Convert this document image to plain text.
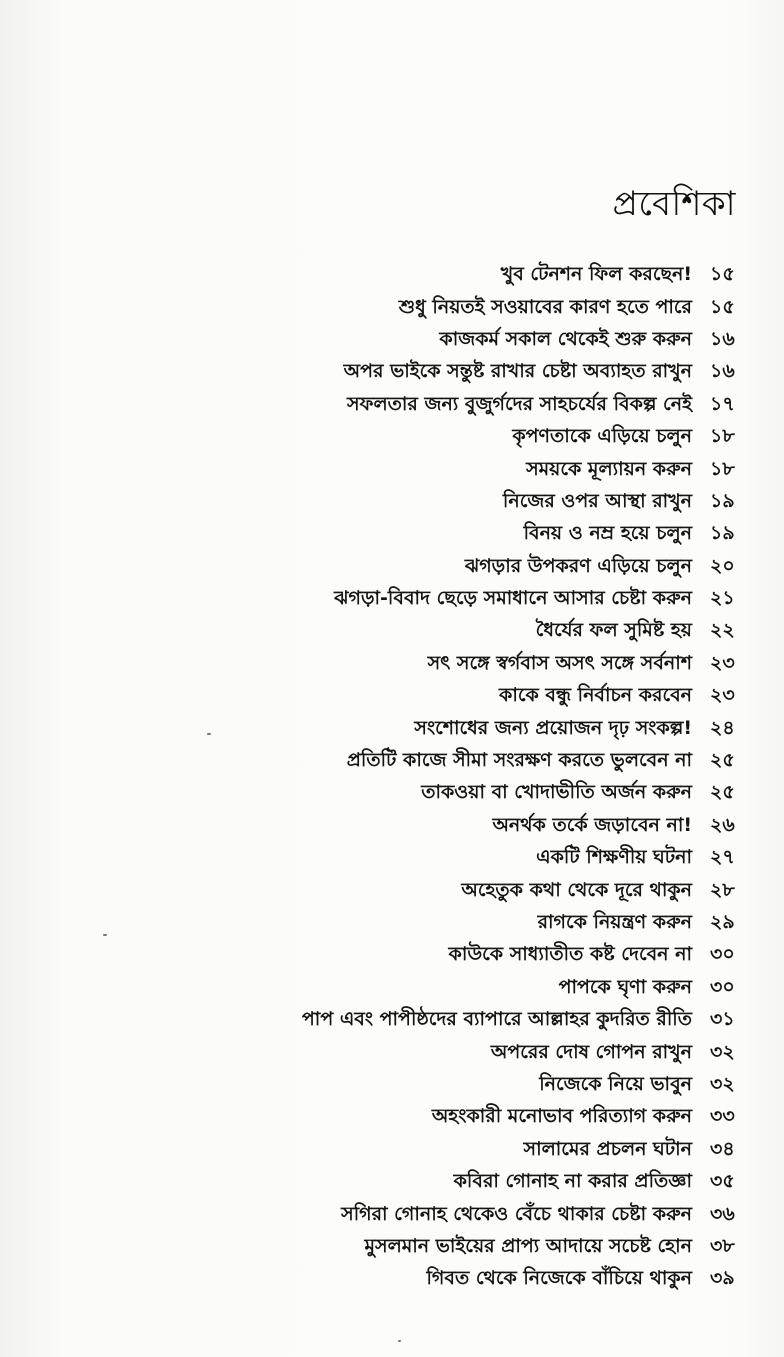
প্রবেশিকা
খুব টেনশন ফিল করছেন! ১৫
শুধু নিয়তই সওয়াবের কারণ হতে পারে ১৫
কাজকর্ম সকাল থেকেই শুরু করুন ১৬
অপর ভাইকে সন্তুষ্ট রাখার চেষ্টা অব্যাহত রাখুন ১৬
সফলতার জন্য বুজুর্গদের সাহচর্যের বিকল্প নেই ১৭
কৃপণতাকে এড়িয়ে চলুন ১৮
সময়কে মূল্যায়ন করুন ১৮
নিজের ওপর আস্থা রাখুন ১৯
বিনয় ও নম্র হয়ে চলুন ১৯
ঝগড়ার উপকরণ এড়িয়ে চলুন ২০
ঝগড়া-বিবাদ ছেড়ে সমাধানে আসার চেষ্টা করুন ২১
ধৈর্যের ফল সুমিষ্ট হয় ২২
সৎ সঙ্গে স্বর্গবাস অসৎ সঙ্গে সর্বনাশ ২৩
কাকে বন্ধু নির্বাচন করবেন ২৩
সংশোধের জন্য প্রয়োজন দৃঢ় সংকল্প! ২৪
প্রতিটি কাজে সীমা সংরক্ষণ করতে ভুলবেন না ২৫
তাকওয়া বা খোদাভীতি অর্জন করুন ২৫
অনর্থক তর্কে জড়াবেন না! ২৬
একটি শিক্ষণীয় ঘটনা ২৭
অহেতুক কথা থেকে দূরে থাকুন ২৮
রাগকে নিয়ন্ত্রণ করুন ২৯
কাউকে সাধ্যাতীত কষ্ট দেবেন না ৩০
পাপকে ঘৃণা করুন ৩০
পাপ এবং পাপীষ্ঠদের ব্যাপারে আল্লাহর কুদরিত রীতি ৩১
অপরের দোষ গোপন রাখুন ৩২
নিজেকে নিয়ে ভাবুন ৩২
অহংকারী মনোভাব পরিত্যাগ করুন ৩৩
সালামের প্রচলন ঘটান ৩৪
কবিরা গোনাহ না করার প্রতিজ্ঞা ৩৫
সগিরা গোনাহ থেকেও বেঁচে থাকার চেষ্টা করুন ৩৬
মুসলমান ভাইয়ের প্রাপ্য আদায়ে সচেষ্ট হোন ৩৮
গিবত থেকে নিজেকে বাঁচিয়ে থাকুন ৩৯
